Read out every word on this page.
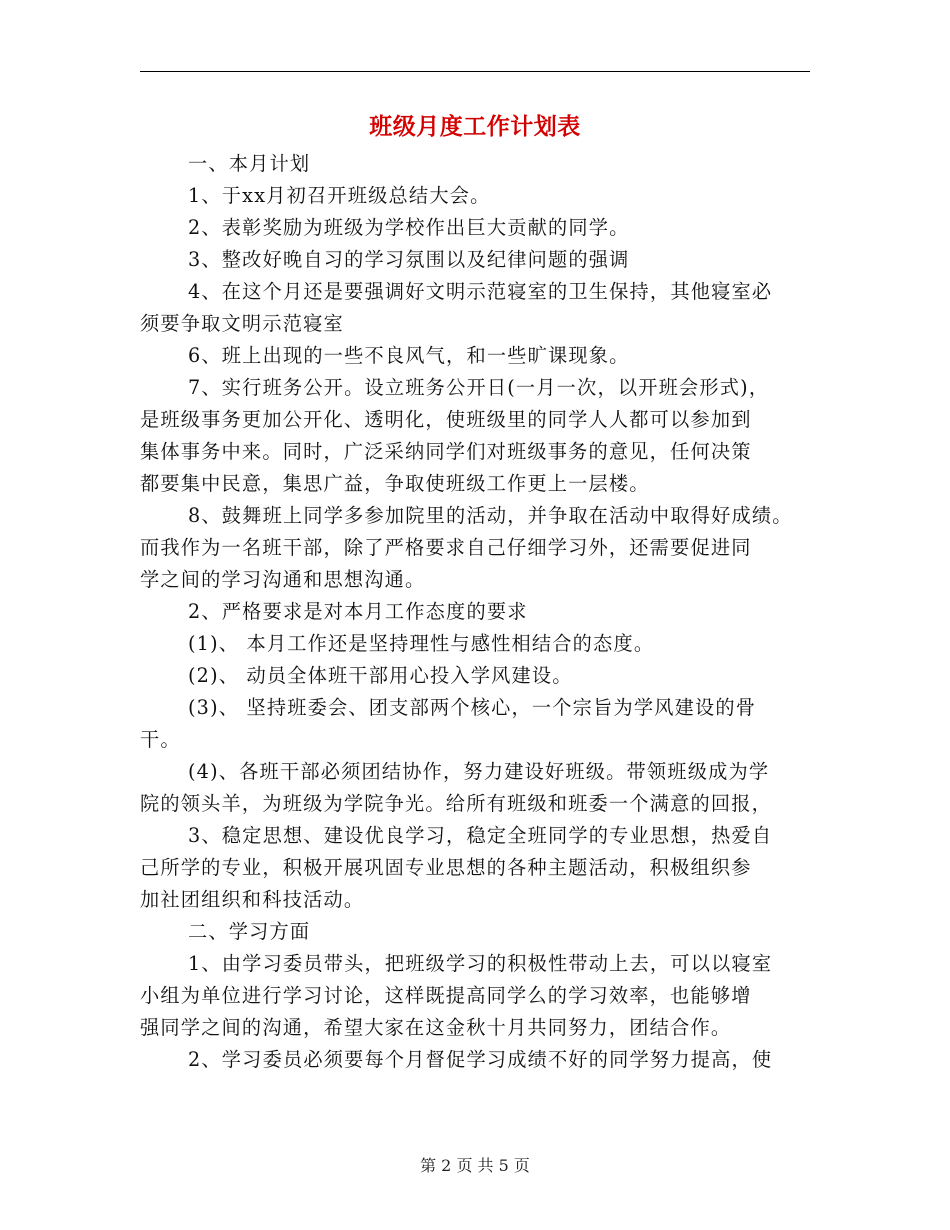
班级月度工作计划表

一、本月计划

1、于xx月初召开班级总结大会。

2、表彰奖励为班级为学校作出巨大贡献的同学。

3、整改好晚自习的学习氛围以及纪律问题的强调

4、在这个月还是要强调好文明示范寝室的卫生保持，其他寝室必

须要争取文明示范寝室

6、班上出现的一些不良风气，和一些旷课现象。

7、实行班务公开。设立班务公开日(一月一次，以开班会形式)，

是班级事务更加公开化、透明化，使班级里的同学人人都可以参加到

集体事务中来。同时，广泛采纳同学们对班级事务的意见，任何决策

都要集中民意，集思广益，争取使班级工作更上一层楼。

8、鼓舞班上同学多参加院里的活动，并争取在活动中取得好成绩。

而我作为一名班干部，除了严格要求自己仔细学习外，还需要促进同

学之间的学习沟通和思想沟通。

2、严格要求是对本月工作态度的要求

(1)、 本月工作还是坚持理性与感性相结合的态度。

(2)、 动员全体班干部用心投入学风建设。

(3)、 坚持班委会、团支部两个核心，一个宗旨为学风建设的骨

干。

(4)、各班干部必须团结协作，努力建设好班级。带领班级成为学

院的领头羊，为班级为学院争光。给所有班级和班委一个满意的回报，

3、稳定思想、建设优良学习，稳定全班同学的专业思想，热爱自

己所学的专业，积极开展巩固专业思想的各种主题活动，积极组织参

加社团组织和科技活动。

二、学习方面

1、由学习委员带头，把班级学习的积极性带动上去，可以以寝室

小组为单位进行学习讨论，这样既提高同学么的学习效率，也能够增

强同学之间的沟通，希望大家在这金秋十月共同努力，团结合作。

2、学习委员必须要每个月督促学习成绩不好的同学努力提高，使

第 2 页 共 5 页
